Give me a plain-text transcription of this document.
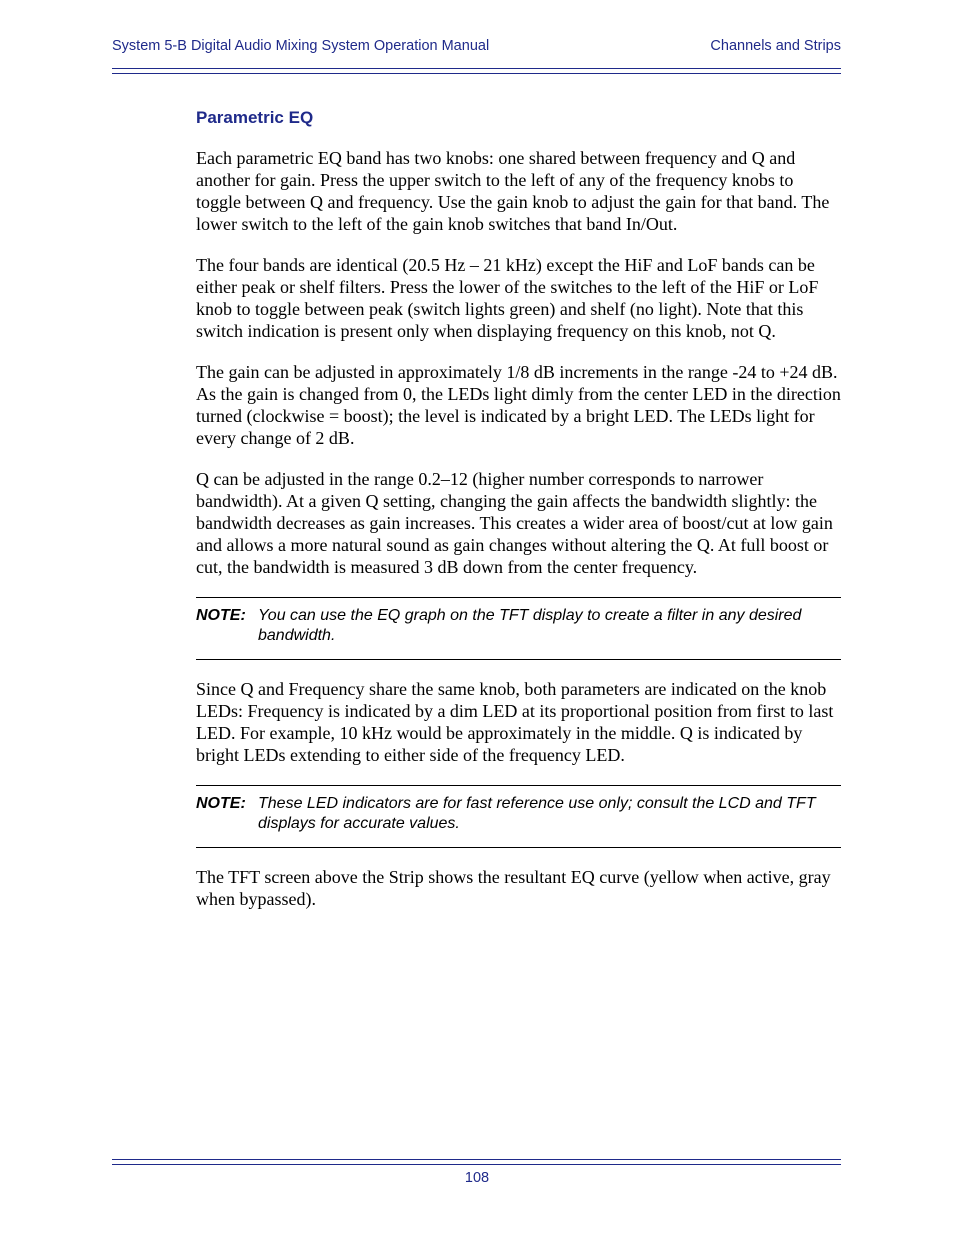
System 5-B Digital Audio Mixing System Operation Manual	Channels and Strips
Parametric EQ

Each parametric EQ band has two knobs: one shared between frequency and Q and another for gain. Press the upper switch to the left of any of the frequency knobs to toggle between Q and frequency. Use the gain knob to adjust the gain for that band. The lower switch to the left of the gain knob switches that band In/Out.

The four bands are identical (20.5 Hz – 21 kHz) except the HiF and LoF bands can be either peak or shelf filters. Press the lower of the switches to the left of the HiF or LoF knob to toggle between peak (switch lights green) and shelf (no light). Note that this switch indication is present only when displaying frequency on this knob, not Q.

The gain can be adjusted in approximately 1/8 dB increments in the range -24 to +24 dB. As the gain is changed from 0, the LEDs light dimly from the center LED in the direction turned (clockwise = boost); the level is indicated by a bright LED. The LEDs light for every change of 2 dB.

Q can be adjusted in the range 0.2–12 (higher number corresponds to narrower bandwidth). At a given Q setting, changing the gain affects the bandwidth slightly: the bandwidth decreases as gain increases. This creates a wider area of boost/cut at low gain and allows a more natural sound as gain changes without altering the Q. At full boost or cut, the bandwidth is measured 3 dB down from the center frequency.

NOTE: You can use the EQ graph on the TFT display to create a filter in any desired bandwidth.

Since Q and Frequency share the same knob, both parameters are indicated on the knob LEDs: Frequency is indicated by a dim LED at its proportional position from first to last LED. For example, 10 kHz would be approximately in the middle. Q is indicated by bright LEDs extending to either side of the frequency LED.

NOTE: These LED indicators are for fast reference use only; consult the LCD and TFT displays for accurate values.

The TFT screen above the Strip shows the resultant EQ curve (yellow when active, gray when bypassed).

108
